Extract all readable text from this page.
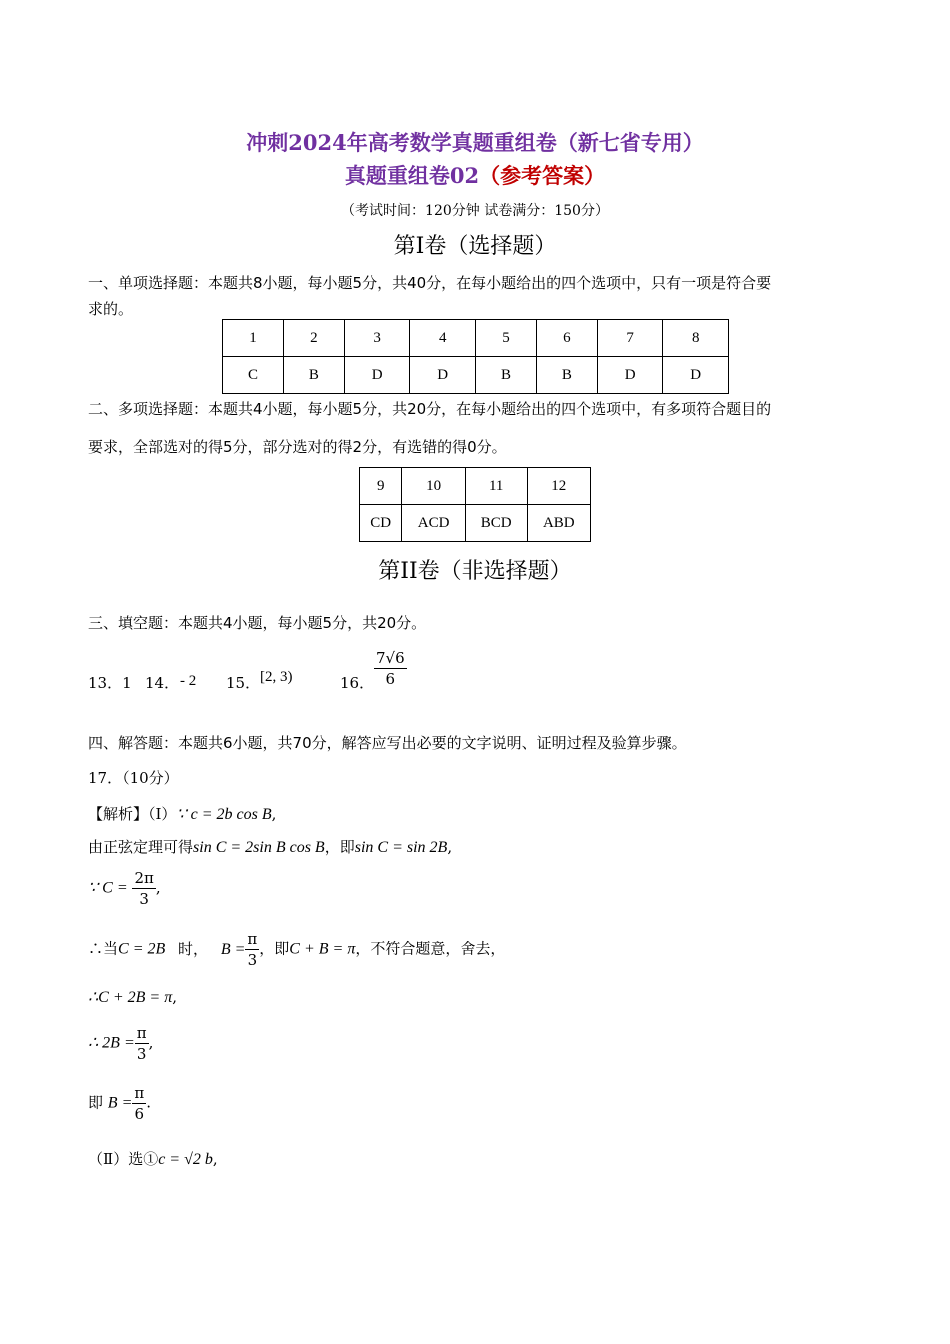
冲刺2024年高考数学真题重组卷（新七省专用）
真题重组卷02（参考答案）
（考试时间：120分钟 试卷满分：150分）
第I卷（选择题）
一、单项选择题：本题共8小题，每小题5分，共40分，在每小题给出的四个选项中，只有一项是符合要
求的。
1	2	3	4	5	6	7	8
C	B	D	D	B	B	D	D
二、多项选择题：本题共4小题，每小题5分，共20分，在每小题给出的四个选项中，有多项符合题目的
要求，全部选对的得5分，部分选对的得2分，有选错的得0分。
9	10	11	12
CD	ACD	BCD	ABD
第II卷（非选择题）
三、填空题：本题共4小题，每小题5分，共20分。
13．1 14． - 2 15． [2, 3)	16． $\frac{7√6}{6}$
四、解答题：本题共6小题，共70分，解答应写出必要的文字说明、证明过程及验算步骤。
17．（10分）
【解析】（Ⅰ）∵ c = 2b cos B,
由正弦定理可得sin C = 2sin B cos B，即sin C = sin 2B,
∵ $C = \frac{2\pi}{3}$ ,
∴当C = 2B 时， $B = \frac{\pi}{3}$ ，即C + B = π，不符合题意，舍去，
∴C + 2B = π,
∴ $2B = \frac{\pi}{3}$ ,
即 $B = \frac{\pi}{6}$ .
（Ⅱ）选①c = √2 b,
